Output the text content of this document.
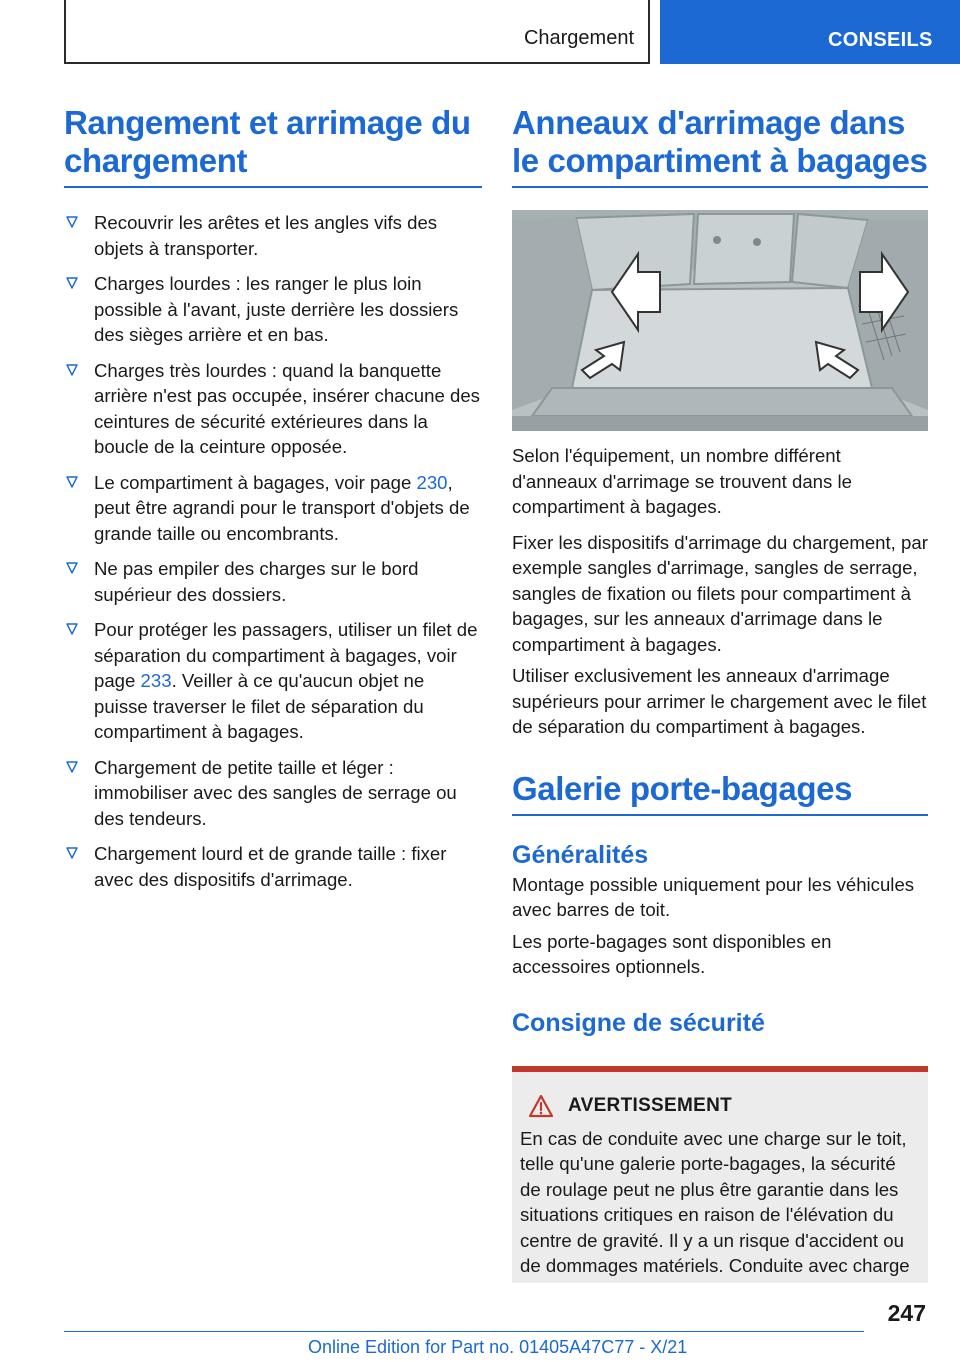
Chargement	CONSEILS
Rangement et arrimage du chargement
Recouvrir les arêtes et les angles vifs des objets à transporter.
Charges lourdes : les ranger le plus loin possible à l'avant, juste derrière les dossiers des sièges arrière et en bas.
Charges très lourdes : quand la banquette arrière n'est pas occupée, insérer chacune des ceintures de sécurité extérieures dans la boucle de la ceinture opposée.
Le compartiment à bagages, voir page 230, peut être agrandi pour le transport d'objets de grande taille ou encombrants.
Ne pas empiler des charges sur le bord supérieur des dossiers.
Pour protéger les passagers, utiliser un filet de séparation du compartiment à bagages, voir page 233. Veiller à ce qu'aucun objet ne puisse traverser le filet de séparation du compartiment à bagages.
Chargement de petite taille et léger : immobiliser avec des sangles de serrage ou des tendeurs.
Chargement lourd et de grande taille : fixer avec des dispositifs d'arrimage.
Anneaux d'arrimage dans le compartiment à bagages

Selon l'équipement, un nombre différent d'anneaux d'arrimage se trouvent dans le compartiment à bagages.

Fixer les dispositifs d'arrimage du chargement, par exemple sangles d'arrimage, sangles de serrage, sangles de fixation ou filets pour compartiment à bagages, sur les anneaux d'arrimage dans le compartiment à bagages.

Utiliser exclusivement les anneaux d'arrimage supérieurs pour arrimer le chargement avec le filet de séparation du compartiment à bagages.

Galerie porte-bagages
Généralités

Montage possible uniquement pour les véhicules avec barres de toit.

Les porte-bagages sont disponibles en accessoires optionnels.

Consigne de sécurité
AVERTISSEMENT

En cas de conduite avec une charge sur le toit, telle qu'une galerie porte-bagages, la sécurité de roulage peut ne plus être garantie dans les situations critiques en raison de l'élévation du centre de gravité. Il y a un risque d'accident ou de dommages matériels. Conduite avec charge

247
Online Edition for Part no. 01405A47C77 - X/21
